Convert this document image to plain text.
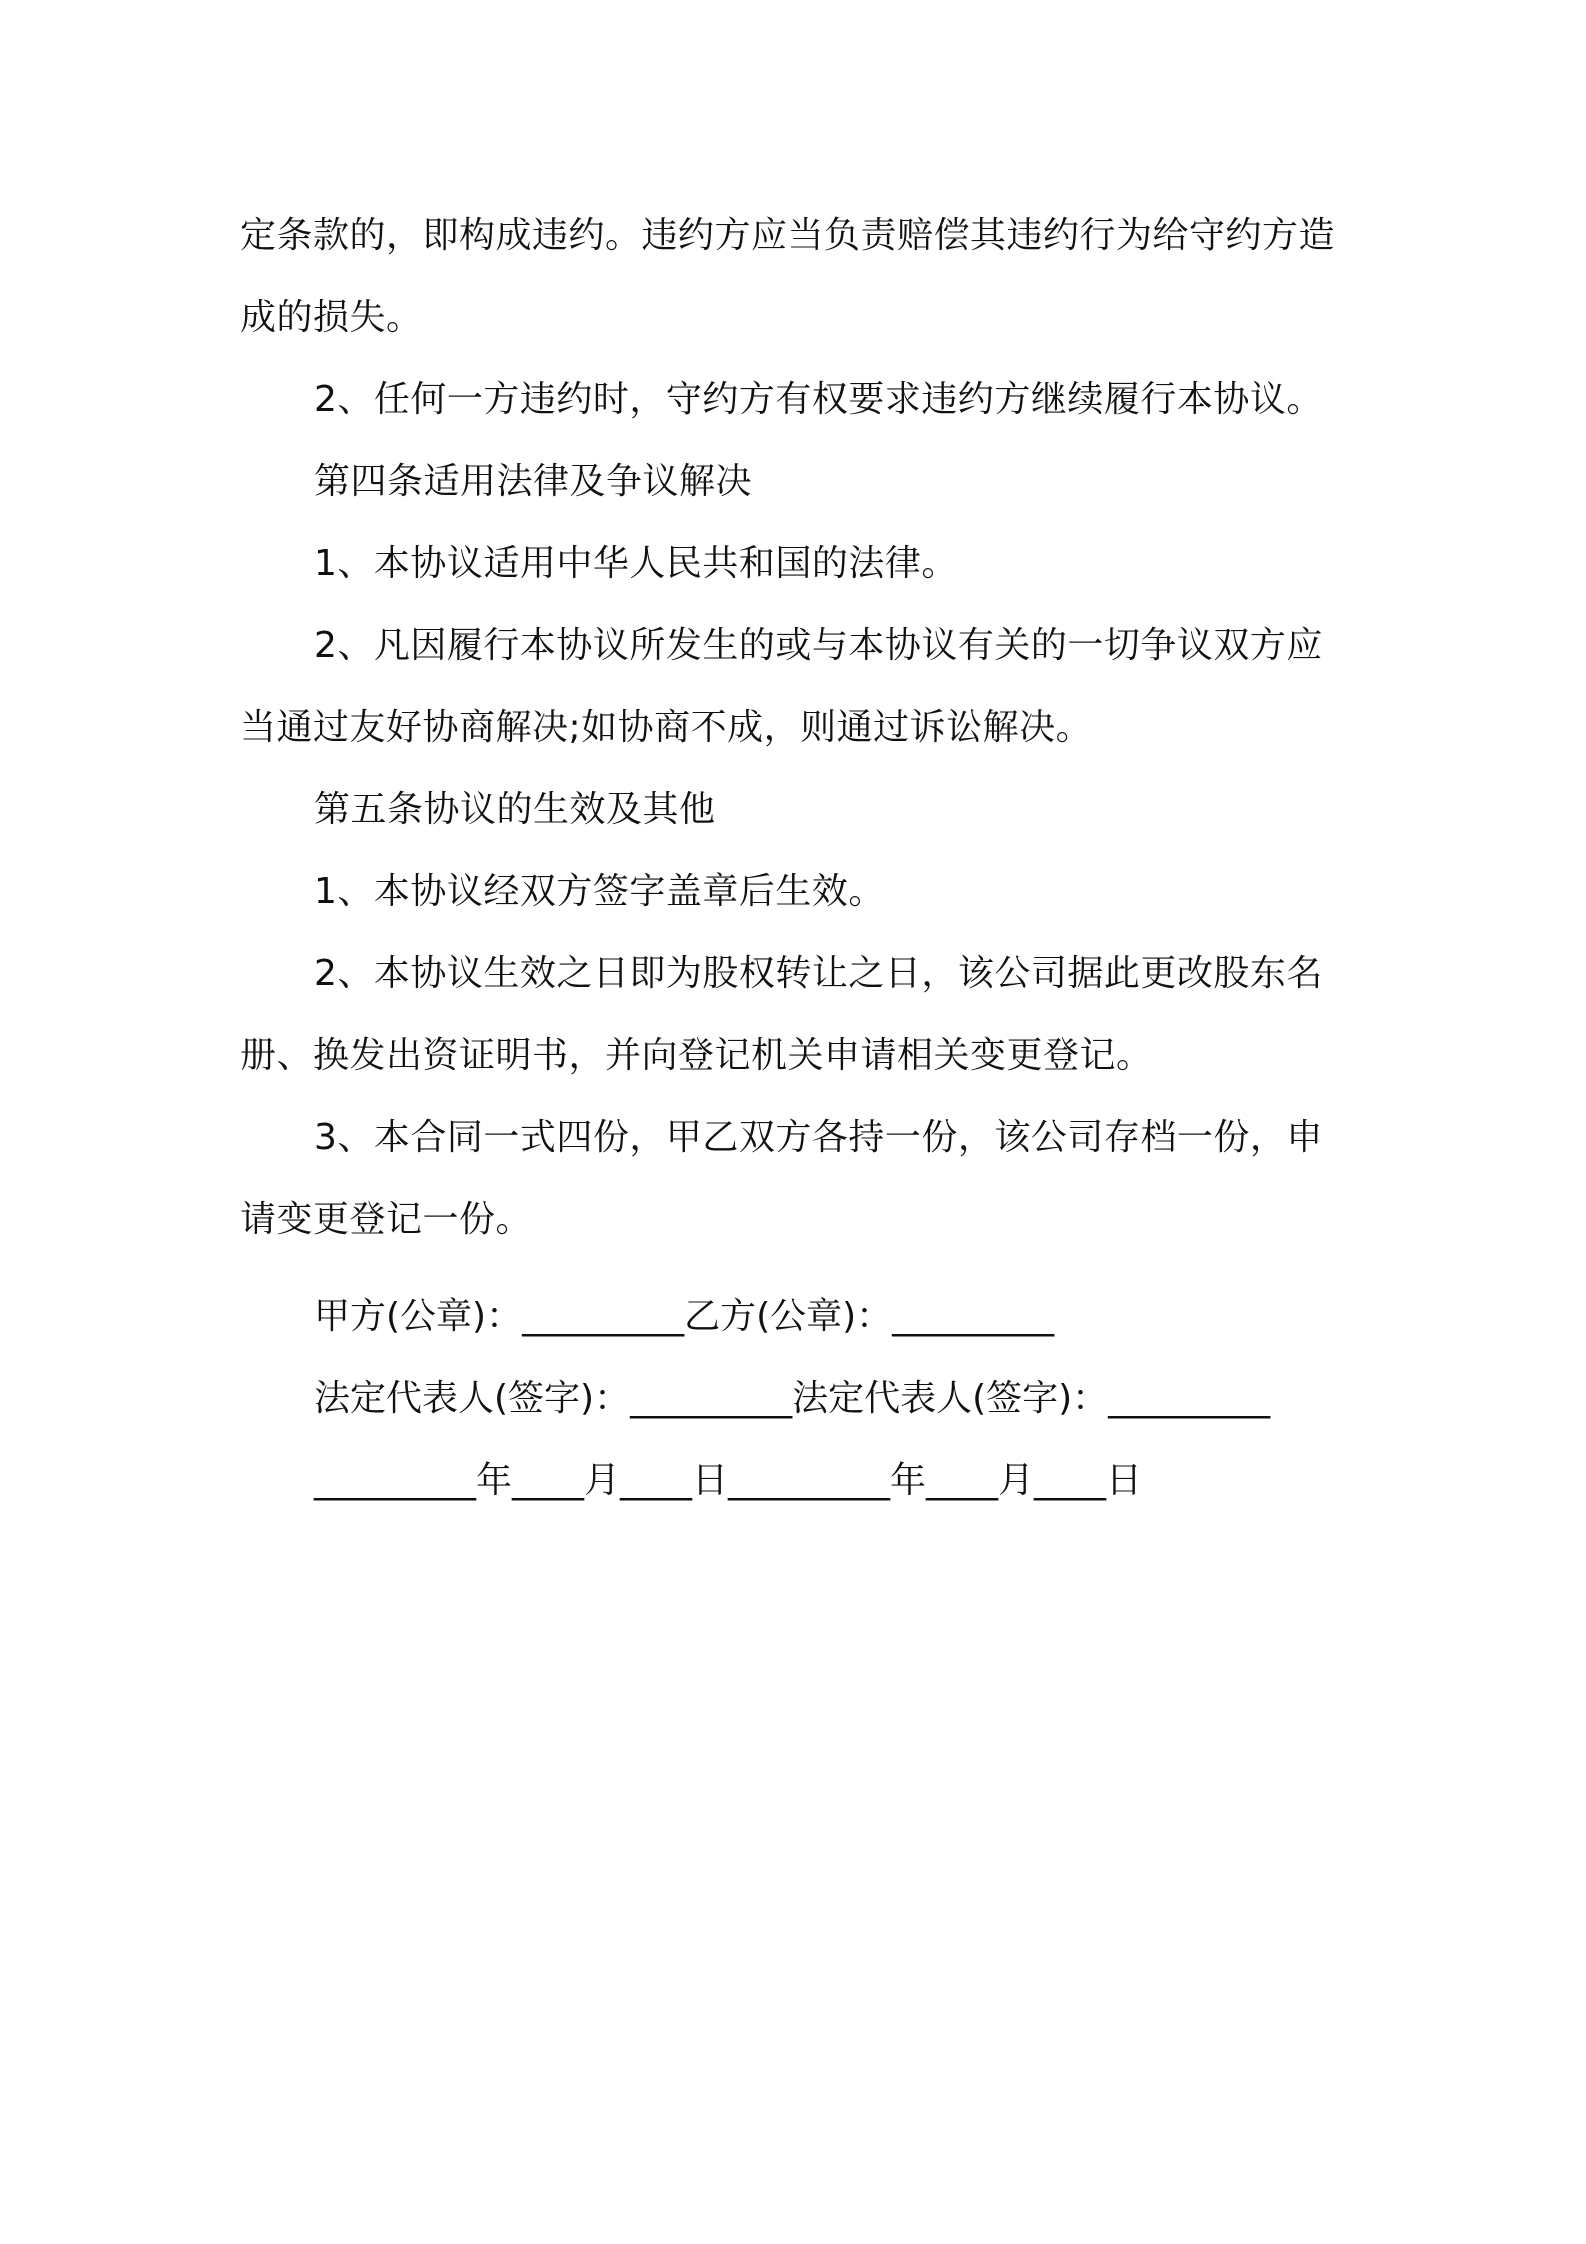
定条款的，即构成违约。违约方应当负责赔偿其违约行为给守约方造

成的损失。

2、任何一方违约时，守约方有权要求违约方继续履行本协议。

第四条适用法律及争议解决

1、本协议适用中华人民共和国的法律。

2、凡因履行本协议所发生的或与本协议有关的一切争议双方应

当通过友好协商解决;如协商不成，则通过诉讼解决。

第五条协议的生效及其他

1、本协议经双方签字盖章后生效。

2、本协议生效之日即为股权转让之日，该公司据此更改股东名

册、换发出资证明书，并向登记机关申请相关变更登记。

3、本合同一式四份，甲乙双方各持一份，该公司存档一份，申

请变更登记一份。

甲方(公章)：_________乙方(公章)：_________
法定代表人(签字)：_________法定代表人(签字)：_________
_________年____月____日_________年____月____日
